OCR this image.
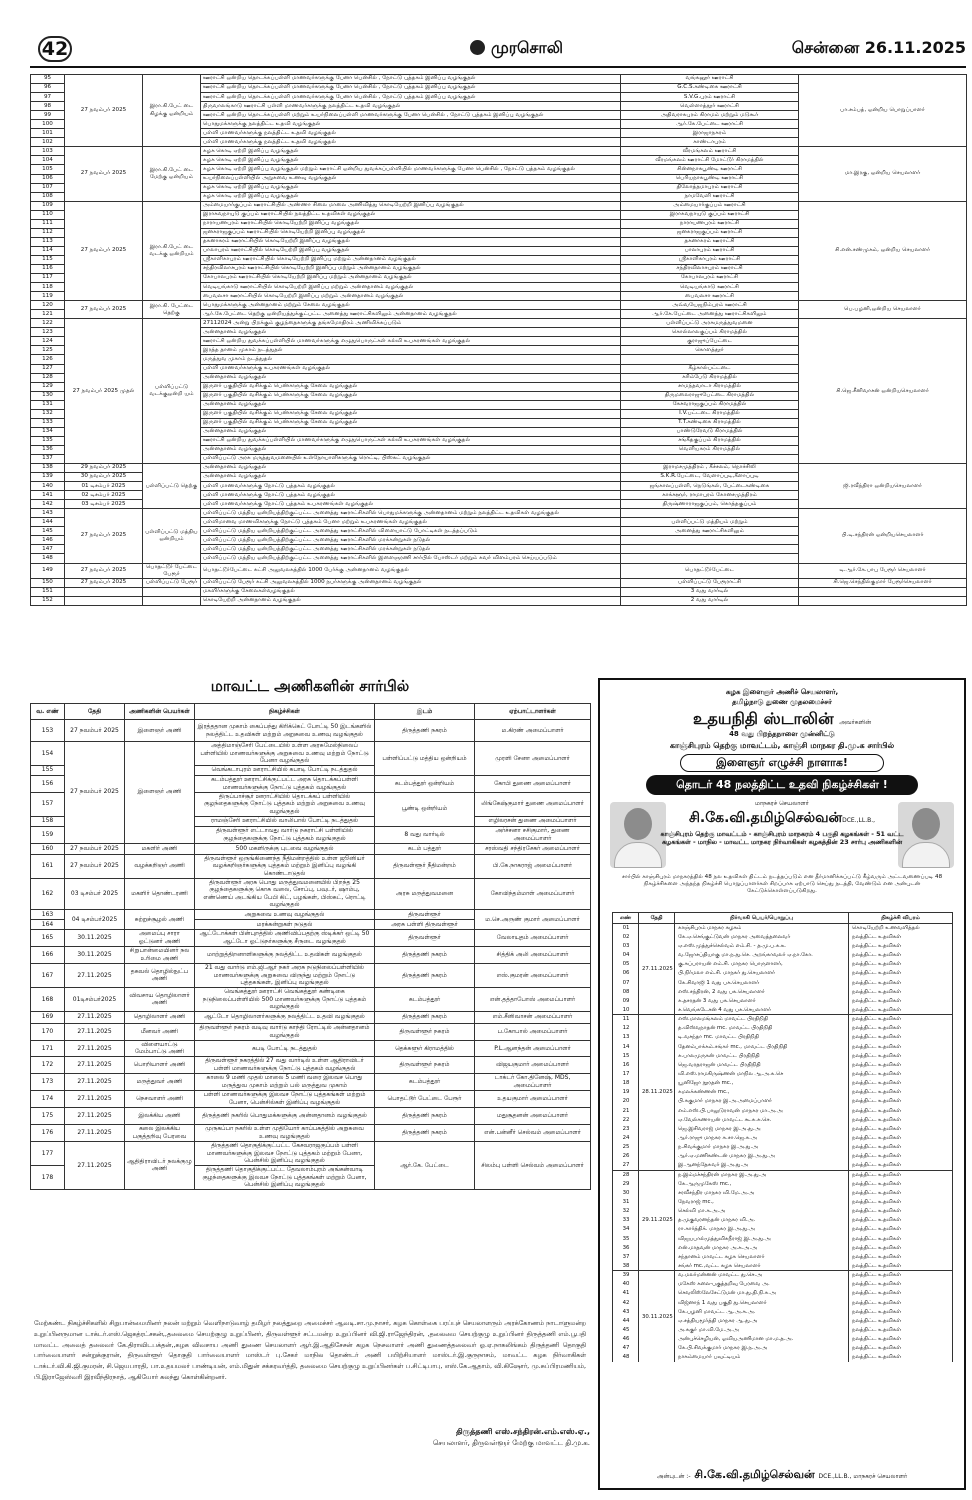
42	முரசொலி	சென்னை 26.11.2025
95	27 நவம்பர் 2025	இரா.கி.பேட் டை கிழக்கு ஒன்றியம்	ஊராட்சி ஒன்றிய தொடக்கப்பள்ளி மாணவர்களுக்கு பேனா பென்சில் , நோட்டு புத்தகம் இனிப்பு வழங்குதல்	வங்கனூர் ஊராட்சி	பா.சம்பத், ஒன்றிய பொறுப்பாளர்
96			ஊராட்சி ஒன்றிய தொடக்கப்பள்ளி மாணவர்களுக்கு பேனா பென்சில் , நோட்டு புத்தகம் இனிப்பு வழங்குதல்	G.C.S.கண்டிகை ஊராட்சி	
97			ஊராட்சி ஒன்றிய தொடக்கப்பள்ளி மாணவர்களுக்கு பேனா பென்சில் , நோட்டு புத்தகம் இனிப்பு வழங்குதல்	S.V.G.புரம் ஊராட்சி	
98			திருவாலங்காடு ஊராட்சி பள்ளி மாணவர்களுக்கு நலத்திட்ட உதவி வழங்குதல்	வெள்ளாத்தூர் ஊராட்சி	
99			ஊராட்சி ஒன்றிய தொடக்கப்பள்ளி மற்றும் உயர்நிலைப்பள்ளி மாணவர்களுக்கு பேனா பென்சில் , நோட்டு புத்தகம் இனிப்பு வழங்குதல்	அதிவராகபுரம் கிராமம் மற்றும் மடுகூர்	
100			பொதுமக்களுக்கு நலத்திட்ட உதவி வழங்குதல்	ஆர்.கே.பேட்டை ஊராட்சி	
101			பள்ளி மாணவர்களுக்கு நலத்திட்ட உதவி வழங்குதல்	இராஜாநகரம்	
102			பள்ளி மாணவர்களுக்கு நலத்திட்ட உதவி வழங்குதல்	காண்டாபுரம்	
103	27 நவம்பர் 2025	இரா.கி.பேட் டை மேற்கு ஒன்றியம்	கழக கொடி ஏற்றி இனிப்பு வழங்குதல்	வீரமங்கலம் ஊராட்சி	மா.இரகு, ஒன்றிய செயலாளர்
104			கழக கொடி ஏற்றி இனிப்பு வழங்குதல்	வீரமங்கலம் ஊராட்சி மோட்டூர் கிராமத்தில்	
105			கழக கொடி ஏற்றி இனிப்பு வழங்குதல் மற்றும் ஊராட்சி ஒன்றிய துவக்கப்பள்ளியில் மாணவர்களுக்கு பேனா பென்சில் , நோட்டு புத்தகம் வழங்குதல்	சின்னநாகபூண்டி ஊராட்சி	
106			உயர்நிலைப்பள்ளியில் அறுசுவை உணவு வழங்குதல்	பெரியநாகபூண்டி ஊராட்சி	
107			கழக கொடி ஏற்றி இனிப்பு வழங்குதல்	திலோத்தமாபுரம் ஊராட்சி	
108			கழக கொடி ஏற்றி இனிப்பு வழங்குதல்	நாமவேளி ஊராட்சி	
109	27 நவம்பர் 2025	இரா.கி.பேட் டை வடக்கு ஒன்றியம்	அம்மையார்குப்பம் ஊராட்சியில் அண்ணா சிலை மாலை அணிவித்து கொடியேற்றி இனிப்பு வழங்குதல்	அம்மையார்குப்பம் ஊராட்சி	சி.என்.சண்முகம், ஒன்றிய செயலாளர்
110			இராகவநாயுடு குப்பம் ஊராட்சியில் நலத்திட்ட உதவிகள் வழங்குதல்	இராகவநாயுடு குப்பம் ஊராட்சி	
111			நாராயணபுரம் ஊராட்சியில் கொடியேற்றி இனிப்பு வழங்குதல்	நாராயணபுரம் ஊராட்சி	
112			ஜனகராஜகுப்பம் ஊராட்சியில் கொடியேற்றி இனிப்பு வழங்குதல்	ஜனகராஜகுப்பம் ஊராட்சி	
113			தகனாகரம் ஊராட்சியில் கொடியேற்றி இனிப்பு வழங்குதல்	தகனாகரம் ஊராட்சி	
114			பாலாபுரம் ஊராட்சியில் கொடியேற்றி இனிப்பு வழங்குதல்	பாலாபுரம் ஊராட்சி	
115			ஸ்ரீகாளிகாபுரம் ஊராட்சியில் கொடியேற்றி இனிப்பு மற்றும் அன்னதானம் வழங்குதல்	ஸ்ரீகாளிகாபுரம் ஊராட்சி	
116			சந்திரவிலாசபுரம் ஊராட்சியில் கொடியேற்றி இனிப்பு மற்றும் அன்னதானம் வழங்குதல்	சந்திரவிலாசபுரம் ஊராட்சி	
117			கோபாலபுரம் ஊராட்சியில் கொடியேற்றி இனிப்பு மற்றும் அன்னதானம் வழங்குதல்	கோபாலபுரம் ஊராட்சி	
118			வெடியங்காடு ஊராட்சியில் கொடியேற்றி இனிப்பு மற்றும் அன்னதானம் வழங்குதல்	வெடியங்காடு ஊராட்சி	
119			பைவலசா ஊராட்சியில் கொடியேற்றி இனிப்பு மற்றும் அன்னதானம் வழங்குதல்	பைவலசா ஊராட்சி	
120	27 நவம்பர் 2025	இரா.கி. பேட்டை தெற்கு	பொதுமக்களுக்கு அன்னதானம் மற்றும் சேலை வழங்குதல்	அவ்வயேஜநிம்புரம் ஊராட்சி	பெ.பழனி,ஒன்றிய செயலாளர்
121			ஆர்.கே.பேட்டை தெற்கு ஒன்றியத்துக்குட்பட்ட அனைத்து ஊராட்சிகளிலும் அன்னதானம் வழங்குதல்	ஆர்.கே.பேட்டை அனைத்து ஊராட்சிகளிலும்	
122	27 நவம்பர் 2025 முதல்	பள்ளிப்பட்டு வடக்குஒன்றி யம்	27112024 அன்று பிறக்கும் குழந்தைகளுக்கு தங்கமோதிரம் அணிவிக்கப்படும்	பள்ளிப்பட்டு அரசுமருத்துவமனை	சி.ஜெ.சீனிவாசன் ஒன்றியசெயலாளர்
123			அன்னதானம் வழங்குதல்	கொல்லாலகுப்பம் கிராமத்தில்	
124			ஊராட்சி ஒன்றிய துவக்கப்பள்ளியில் மாணவர்களுக்கு எழுதுபொருட்கள் கல்வி உபகரணங்கள் வழங்குதல்	குராஜுப்பேட்டை	
125			இரத்த தானம் முகாம் நடத்துதல்	கொளத்தூர்	
126			மருத்துவ முகாம் நடத்துதல்		
127			பள்ளி மாணவர்களுக்கு உபகரணங்கள் வழங்குதல்	கீழ்கால்பட்டடை	
128			அன்னதானம் வழங்குதல்	கரிம்பேடு கிராமத்தில்	
129			இருளர் பகுதியில் வசிக்கும் பெண்களுக்கு சேலை வழங்குதல்	சாமந்தவாடா கிராமத்தில்	
130			இருளர் பகுதியில் வசிக்கும் பெண்களுக்கு சேலை வழங்குதல்	திருமலைராஜுபேட்டை கிராமத்தில்	
131			அன்னதானம் வழங்குதல்	கேசவராஜகுப்பம் கிராமத்தில்	
132			இருளர் பகுதியில் வசிக்கும் பெண்களுக்கு சேலை வழங்குதல்	I.V.பட்டடை கிராமத்தில்	
133			இருளர் பகுதியில் வசிக்கும் பெண்களுக்கு சேலை வழங்குதல்	T.T.கண்டிகை கிராமத்தில்	
134			அன்னதானம் வழங்குதல்	பாண்டுரேவடு கிராமத்தில்	
135			ஊராட்சி ஒன்றிய துவக்கப்பள்ளியில் மாணவர்களுக்கு எழுதுபொருட்கள் கல்வி உபகரணங்கள் வழங்குதல்	சங்கீதகுப்பம் கிராமத்தில்	
136			அன்னதானம் வழங்குதல்	வெளியகரம் கிராமத்தில்	
137			பள்ளிப்பட்டு அரசு மருத்துவமனையில் உள்நோயாளிகளுக்கு ரொட்டி, பிஸ்கட் வழங்குதல்		
138	29 நவம்பர் 2025	பள்ளிப்பட்டு தெற்கு	அன்னதானம் வழங்குதல்	இராமசமுத்திரம் , கீச்சலம், நொச்சிலி	ஜி.ரவீந்திரா ஒன்றியசெயலாளர்
139	30 நவம்பர் 2025		அன்னதானம் வழங்குதல்	S.K.R.பேட்டை, வேளாப்புடி,கீளாப்புடி	
140	01 டிசம்பர் 2025		பள்ளி மாணவர்களுக்கு நோட்டு புத்தகம் வழங்குதல்	ஜங்காலப்பள்ளி, நெடுங்கல், பேட்டைகண்டிகை	
141	02 டிசம்பர் 2025		பள்ளி மாணவர்களுக்கு நோட்டு புத்தகம் வழங்குதல்	காக்களூர், ராமாபுரம் கோனசமுத்திரம்	
142	03 டிசம்பர் 2025		பள்ளி மாணவர்களுக்கு நோட்டு புத்தகம் உபகரணங்கள் வழங்குதல்	திருஷ்ணாராஜகுப்பம், கொத்தகுப்பம்	
143	27 நவம்பர் 2025	பள்ளிப்பட்டு மத்திய ஒன்றியம்	பள்ளிப்பட்டு மத்திய ஒன்றியத்திற்குட்பட்ட அனைத்து ஊராட்சிகளில் பொதுமக்களுக்கு அன்னதானம் மற்றும் நலத்திட்ட உதவிகள் வழங்குதல்		பி.டி.சந்திரன் ஒன்றியசெயலாளர்
144			பள்ளிமானவ மாணவிகளுக்கு நோட்டு புத்தகம் பேனா மற்றும் உபகரணங்கள் வழங்குதல்	பள்ளிப்பட்டு மத்தியம் மற்றும்	
145			பள்ளிப்பட்டு மத்திய ஒன்றியத்திற்குட்பட்ட அனைத்து ஊராட்சிகளில் விளையாட்டு போட்டிகள் நடத்தப்படும்	அனைத்து ஊராட்சிகளிலும்	
146			பள்ளிப்பட்டு மத்திய ஒன்றியத்திற்குட்பட்ட அனைத்து ஊராட்சிகளில் மரக்கன்றுகள் நடுதல்		
147			பள்ளிப்பட்டு மத்திய ஒன்றியத்திற்குட்பட்ட அனைத்து ஊராட்சிகளில் மரக்கன்றுகள் நடுதல்		
148			பள்ளிப்பட்டு மத்திய ஒன்றியத்திற்குட்பட்ட அனைத்து ஊராட்சிகளில் இளைஞரணி சார்பில் போஸ்டர் மற்றும் சுவர் விளம்பரம் செய்யப்படும்		
149	27 நவம்பர் 2025	பொதட்டூர் பேட்டை பேரூர்	பொதட்டூர்பேட்டை கட்சி அலுவலகத்தில் 1000 பேர்க்கு அன்னதானம் வழங்குதல்	பொதட்டூர்பேட்டை	டி.ஆர்.கே.பாபு பேரூர் செயலாளர்
150	27 நவம்பர் 2025	பள்ளிப்பட்டு பேரூர்	பள்ளிப்பட்டு பேரூர் கட்சி அலுவலகத்தில் 1000 நபர்களுக்கு அன்னதானம் வழங்குதல்	பள்ளிப்பட்டு பேரூராட்சி	சி.ஜெ.செந்தில்குமார் பேரூர்செயலாளர்
151			மகளிர்களுக்கு சேலைகள்வழங்குதல்	3 வது வார்டில்	
152			கொடியேற்றி அன்னதானம் வழங்குதல்	2 வது வார்டில்	
மாவட்ட அணிகளின் சார்பில்
வ. எண்	தேதி	அணிகளின் பெயர்கள்	நிகழ்ச்சிகள்	இடம்	ஏற்பாட்டாளர்கள்
153	27 நவம்பர் 2025	இளைஞர் அணி	இரத்ததான முகாம் கைப்பந்து கிரிக்கெட் போட்டி 50 இடங்களில் நலத்திட்ட உதவிகள் மற்றும் அறுசுவை உணவு வழங்குதல்	திருத்தணி நகரம்	ம.கிரண் அமைப்பாளர்
154	27 நவம்பர் 2025	இளைஞர் அணி	அத்திமாஞ்சேரி பேட்டையில் உள்ள அரசுமேல்நிலைப் பள்ளியில் மாணவர்களுக்கு அறுசுவை உணவு மற்றும் நோட்டு பேனா வழங்குதல்	பள்ளிப்பட்டு மத்திய ஒன்றியம்	முரளி சேனா அமைப்பாளர்
155			வெங்கடாபுரம் ஊராட்சியில் கபாடி போட்டி நடத்துதல்		
156			கடம்பத்தூர் ஊராட்சிக்குட்பட்ட அரசு தொடக்கப்பள்ளி மாணவர்களுக்கு நோட்டு புத்தகம் வழங்குதல்	கடம்பத்தூர் ஒன்றியம்	கோபி துணை அமைப்பாளர்
157			திருப்பாச்சூர் ஊராட்சியில் தொடக்கப் பள்ளியில் குழந்தைகளுக்கு நோட்டு புத்தகம் மற்றும் அறுசுவை உணவு வழங்குதல்	பூண்டி ஒன்றியம்	லிங்கேஷ்குமார் துணை அமைப்பாளர்
158			ராமஞ்சேரி ஊராட்சியில் வாலிபால் போட்டி நடத்துதல்		எழிலரசன் துணை அமைப்பாளர்
159			திருவள்ளூர் எட்டாவது வார்டு நகராட்சி பள்ளியில் குழந்தைகளுக்கு நோட்டு புத்தகம் வழங்குதல்	8 வது வார்டில்	அர்ச்சனா சசிகுமார், துணை அமைப்பாளர்
160	27 நவம்பர் 2025	மகளிர் அணி	500 மகளிருக்கு புடவை வழங்குதல்	கடம் பத்தூர்	சரஸ்வதி சந்திரசேகர் அமைப்பாளர்
161	27 நவம்பர் 2025	வழக்கறிஞர் அணி	திருவள்ளூர் ஒருங்கிணைந்த நீதிமன்றத்தில் உள்ள ஜூனியர் வழக்கறிஞர்களுக்கு புத்தகம் மற்றும் இனிப்பு வழங்கி கொண்டாடுதல்	திருவள்ளூர் நீதிமன்றம்	பி.கே.நாகராஜ் அமைப்பாளர்
162	03 டிசம்பர் 2025	மகளிர் தொண்டரணி	திருவள்ளூர் அரசு பொது மருத்துவமனையில் பிறந்த 25 குழந்தைகளுக்கு கொசு வலை, சோப்பு, பவுடர், ஷாம்பு, எண்ணெய் அடங்கிய பேபி கிட், பழங்கள், பிஸ்கட், ரொட்டி வழங்குதல்	அரசு மருத்துவமனை	கோவிந்தம்மாள் அமைப்பாளர்
163	04 டிசம்பர்2025	சுற்றுச்சூழல் அணி	அறுசுவை உணவு வழங்குதல்	திருவள்ளூர்	ம.செ.அருண் குமார் அமைப்பாளர்
164			மரக்கன்றுகள் நடுதல்	அரசு பள்ளி திருவள்ளூர்	
165	30.11.2025	அமைப்பு சாரா ஓட்டுனர் அணி	ஆட்டோக்கள் பின்புறத்தில் அணிவிப்பதற்கு ஸ்டிக்கர் ஒட்டி 50 ஆட்டோ ஓட்டுநர்களுக்கு சீருடை வழங்குதல்	திருவள்ளூர்	வேலாயுதம் அமைப்பாளர்
166	30.11.2025	சிறுபான்மையினர் நல உரிமை அணி	மாற்றுத்திறனாளிகளுக்கு நலத்திட்ட உதவிகள் வழங்குதல்	திருத்தணி நகரம்	சித்திக் அலி அமைப்பாளர்
167	27.11.2025	தகவல் தொழில்நுட்ப அணி	21 வது வார்டு எம்.ஜி.ஆர் நகர் அரசு நடுநிலைப்பள்ளியில் மாணவர்களுக்கு அறுசுவை விருந்து மற்றும் நோட்டு புத்தகங்கள், இனிப்பு வழங்குதல்	திருத்தணி நகரம்	எஸ்.குமரன் அமைப்பாளர்
168	01டிசம்பர்2025	விவசாய தொழிலாளர் அணி	வெங்கத்தூர் ஊராட்சி வெங்கத்தூர் கண்டிகை நடுநிலைப்பள்ளியில் 500 மாணவர்களுக்கு நோட்டு புத்தகம் வழங்குதல்	கடம்பத்தூர்	என்.தத்தாபோஸ் அமைப்பாளர்
169	27.11.2025	தொழிலாளர் அணி	ஆட்டோ தொழிலாளர்களுக்கு நலத்திட்ட உதவி வழங்குதல்	திருத்தணி நகரம்	எம்.சீனிவாசன் அமைப்பாளர்
170	27.11.2025	மீனவர் அணி	திருவள்ளூர் நகரம் வடிவு வார்டு காந்தி ரோட்டில் அன்னதானம் வழங்குதல்	திருவள்ளூர் நகரம்	ப.கோபால் அமைப்பாளர்
171	27.11.2025	விளையாட்டு மேம்பாட்டு அணி	கபடி போட்டி நடத்துதல்	தெக்களூர் கிராமத்தில்	P.L.ஆனந்தன் அமைப்பாளர்
172	27.11.2025	பொறியாளர் அணி	திருவள்ளூர் நகரத்தில் 27 வது வார்டில் உள்ள ஆதிராவிடர் பள்ளி மாணவர்களுக்கு நோட்டு புத்தகம் வழங்குதல்	திருவள்ளூர் நகரம்	விஜயகுமார் அமைப்பாளர்
173	27.11.2025	மருத்துவர் அணி	காலை 9 மணி முதல் மாலை 5 மணி வரை இலவச பொது மருத்துவ முகாம் மற்றும் பல் மருத்துவ முகாம்	கடம்பத்தூர்	டாக்டர் கோ.தினேஷ், MDS, அமைப்பாளர்
174	27.11.2025	நெசவாளர் அணி	பள்ளி மாணவர்களுக்கு இலவச நோட்டு புத்தகங்கள் மற்றும் பேனா, பென்சில்கள் இனிப்பு வழங்குதல்	பொதட்டூர் பேட்டை பேரூர்	உதயகுமார் அமைப்பாளர்
175	27.11.2025	இலக்கிய அணி	திருத்தணி நகரில் பொதுமக்களுக்கு அன்னதானம் வழங்குதல்	திருத்தணி நகரம்	மதுசூதனன் அமைப்பாளர்
176	27.11.2025	கலை இலக்கிய பகுத்தறிவு பேரவை	முருகப்பா நகரில் உள்ள முதியோர் காப்பகத்தில் அறுசுவை உணவு வழங்குதல்	திருத்தணி நகரம்	என்.பன்னீர் செல்வம் அமைப்பாளர்
177	27.11.2025	ஆதிதிராவிடர் நலக்குழு அணி	திருத்தணி தொகுதிக்குட்பட்ட கேசவராஜகுப்பம் பள்ளி மாணவர்களுக்கு இலவச நோட்டு புத்தகம் மற்றும் பேனா, பென்சில் இனிப்பு வழங்குதல்	ஆர்.கே. பேட்டை	சிலம்பு பள்ளி செல்வம் அமைப்பாளர்
178			திருத்தணி தொகுதிக்குட்பட்ட தேவலாம்புரம் அங்கன்வாடி குழந்தைகளுக்கு இலவச நோட்டு புத்தகங்கள் மற்றும் பேனா, பென்சில் இனிப்பு வழங்குதல்		
மேற்கண்ட நிகழ்ச்சிகளில் சிறுபான்மையினர் நலன் மற்றும் வெளிநாடுவாழ் தமிழர் நலத்துறை அமைச்சர் ஆவடி.சா.மு.நாசர், கழக கொள்கை பரப்புச் செயலாளரும் அரக்கோணம் நாடாளுமன்ற உறுப்பினருமான டாக்டர்.எஸ்.ஜெகத்ரட்சகன்,,தலைமை செயற்குழு உறுப்பினர், திருவள்ளூர் சட்டமன்ற உறுப்பினர் வி.ஜி.ராஜேந்திரன், ,தலைமை செயற்குழு உறுப்பினர் திருத்தணி எம்.பூபதி மாவட்ட அவைத் தலைவர் கே.திராவிடபக்தன்,,கழக விவசாய அணி துணை செயலாளர் ஆர்.இ.ஆதிசேசன் கழக நெசவாளர் அணி துணைத்தலைவர் ஓ.ஏ.நாகலிங்கம் திருத்தணி தொகுதி பார்வையாளர் சன்றுக்குரான், திருவள்ளூர் தொகுதி பார்வையாளர் மாஸ்டர் பு.சேகர் மாநில தொண்டர் அணி பயிற்சியாளர் மாஸ்டர்.இ.குருநாசம், மாவட்ட கழக நிர்வாகிகள் டாக்டர்.வி.கி.ஜி.குமரன், சி.ஜெயபாரதி, பா.உதயமலர் பாண்டியன், எம்.மிதுன் சக்கரவர்த்தி, தலைமை செயற்குழு உறுப்பினர்கள் ப.சிட்டிபாபு, எஸ்.கே.ஆதாம், வி.கிஷோர், மு.சுப்பிரமணியம், பி.இராஜேஸ்வரி இரவீந்திரநாத், ஆகியோர் கலந்து கொள்கின்றனர்.
திருத்தணி எஸ்.சந்திரன்.எம்.எஸ்.ஏ.,
செயலாளர், திருவள்ளூர் மேற்கு மாவட்ட தி.மு.க.
கழக இளைஞர் அணிச் செயலாளர்,
தமிழ்நாடு துணை முதலமைச்சர்
உதயநிதி ஸ்டாலின் அவர்களின்
48 வது பிறந்தநாளை முன்னிட்டு
காஞ்சிபுரம் தெற்கு மாவட்டம், காஞ்சி மாநகர தி.மு.க சார்பில்
இளைஞர் எழுச்சி நாளாக!
தொடர் 48 நலத்திட்ட உதவி நிகழ்ச்சிகள் !
மாநகரச் செயலாளர்
சி.கே.வி.தமிழ்செல்வன்DCE.,LL.B.,
காஞ்சிபுரம் தெற்கு மாவட்டம் - காஞ்சிபுரம் மாநகரம் 4 பகுதி கழகங்கள் - 51 வட்ட கழகங்கள் - மாநில - மாவட்ட மாநகர நிர்வாகிகள் கழகத்தின் 23 சார்பு அணிகளின்
சார்பில் காஞ்சிபுரம் மாநகரத்தில் 48 நல உதவிகள் திட்டம் நடத்தப்படும் என தீர்மானிக்கப்பட்டு கீழ்வரும் அட்டவணைப்படி 48 நிகழ்ச்சிகளை அந்தந்த நிகழ்ச்சி பொறுப்பாளர்கள் சிறப்பாக ஏற்பாடு செய்து நடத்தி, வேண்டும் என அன்புடன் கேட்டுக்கொள்ளப்படுகிறது.
எண்	தேதி	நிர்வாகி பெயர்/பொறுப்பு	நிகழ்ச்சி விபரம்
01	27.11.2025	காஞ்சிபுரம் மாநகர கழகம்	கொடியேற்றி உணவளித்தல்
02		கே.ஏ.செங்குட்டுவன் மாநகர அவைத்தலைவர்	நலத்திட்ட உதவிகள்
03		ஏ.எஸ்.முத்துச்செல்வம் எம்.சி. - த.மு.ப.க.உ	நலத்திட்ட உதவிகள்
04		வ.ஜோசப்தியாகு மா.ந.து.செ. அறங்காவலர் ஏ.நா.கோ.	நலத்திட்ட உதவிகள்
05		கு.சுப்பராயன் எம்.சி. மாநகர பொருளாளர்,	நலத்திட்ட உதவிகள்
06		பி.நிர்மலா எம்.சி. மாநகர் து.செயலாளர்	நலத்திட்ட உதவிகள்
07		கே.சிவாஜி 1 வது பக.செயலாளர்	நலத்திட்ட உதவிகள்
08		எஸ்.சந்திரன், 2 வது பக.செயலாளர்	நலத்திட்ட உதவிகள்
09		க.தசரதன் 3 வது பக.செயலாளர்	நலத்திட்ட உதவிகள்
10		ச.வெங்கடேசன் 4 வது பக.செயலாளர்	நலத்திட்ட உதவிகள்
11	28.11.2025	எஸ்.மாலமங்கலம் மாவட்ட பிரதிநிதி	நலத்திட்ட உதவிகள்
12		த.விஸ்வநாதன் mc. மாவட்ட பிரதிநிதி	நலத்திட்ட உதவிகள்
13		டி.வசந்தா mc. மாவட்ட பிரதிநிதி	நலத்திட்ட உதவிகள்
14		தேனம்பாக்கம்.சங்கர் mc., மாவட்ட பிரதிநிதி	நலத்திட்ட உதவிகள்
15		சு.பாலமுருகன் மாவட்ட பிரதிநிதி	நலத்திட்ட உதவிகள்
16		ஜெ.வரதராஜன் மாவட்ட பிரதிநிதி	நலத்திட்ட உதவிகள்
17		வி.எஸ்.ராமகிருஷ்ணன் மாநில ஆ.அ.க.செ	நலத்திட்ட உதவிகள்
18		யூனிஜோ நூரதன் mc.,	நலத்திட்ட உதவிகள்
19		கமலக்கண்ணன் mc.,	நலத்திட்ட உதவிகள்
20		பி.சுகுமார் மாநகர இ.அ.அமைப்பாளர்	நலத்திட்ட உதவிகள்
21		எம்.எஸ்.பி.பாலுடுராவன் மாநகர மா.அ.அ	நலத்திட்ட உதவிகள்
22		ஏ.வேல்கணாயன் மாவட்ட கூ.சு.சு.செ.	நலத்திட்ட உதவிகள்
23		ஜெ.இசிவராஜ் மாநகர இ.அ.து.அ	நலத்திட்ட உதவிகள்
24		ஆர்.ராஜு மாநகர சு.சா.ஜெ.சு.அ	நலத்திட்ட உதவிகள்
25		ந.சிவக்குமார் மாநகர இ.அ.து.அ	நலத்திட்ட உதவிகள்
26		ஆர்.ஏ.மணிகண்டன் மாநகர இ.அ.து.அ	நலத்திட்ட உதவிகள்
27		இ.ஆனந்தேசுவர் இ.அ.து.அ	நலத்திட்ட உதவிகள்
28	29.11.2025	ந.இம்மச்சந்திரன் மாநகர இ.அ.து.அ	நலத்திட்ட உதவிகள்
29		கே.ஆருமுகேஸ் mc.,	நலத்திட்ட உதவிகள்
30		சரவீசந்திர மாநகர வி.மே.அ.அ	நலத்திட்ட உதவிகள்
31		நேவராஜ் mc.,	நலத்திட்ட உதவிகள்
32		செல்வி மா.க.அ.அ	நலத்திட்ட உதவிகள்
33		த.முகுவரனந்தன் மாநகர வி.அ.	நலத்திட்ட உதவிகள்
34		ரா.கார்த்திக். மாநகர இ.அ.து.அ	நலத்திட்ட உதவிகள்
35		விஜயபால்முத்துவிசுநீராஜ் இ.அ.து.அ	நலத்திட்ட உதவிகள்
36		என்.மாதவன் மாநகர அ.சு.அ.அ	நலத்திட்ட உதவிகள்
37		சந்தானம் மாவட்ட கழக செயலாளர்	நலத்திட்ட உதவிகள்
38		சங்கர் mc.,வட்ட கழக செயலாளர்	நலத்திட்ட உதவிகள்
39	30.11.2025	வ.மலர்மன்னன் மாவட்ட து.செ.அ	நலத்திட்ட உதவிகள்
40		மகேஸ் கலை-பகுத்தறிவு பேரவை அ.	நலத்திட்ட உதவிகள்
41		செவலிஸ்லேசேட்டுமன் மா.து.தி.நி.சு.அ	நலத்திட்ட உதவிகள்
42		விஜ்னாந் 1 வது பகுதி து.செயலாளர்	நலத்திட்ட உதவிகள்
43		கே.பழனி மாவட்ட ஆ.அ.சு.அ.	நலத்திட்ட உதவிகள்
44		ஏ.சத்தியமூர்த்தி மாநகர ஆ.து.அ	நலத்திட்ட உதவிகள்
45		அ.சுகுர் மா.வி.மே.அ.அ	நலத்திட்ட உதவிகள்
46		அன்புச்செழியன், ஓவியஅணிமான மா.ம.த.அ.	நலத்திட்ட உதவிகள்
47		கே.பி.சிவக்குமார் மாநகர இ.ந.அ.அ	நலத்திட்ட உதவிகள்
48		நாகம்மையார் பவுட்டியம்	நலத்திட்ட உதவிகள்
அன்புடன் :- சி.கே.வி.தமிழ்செல்வன் DCE.,LL.B., மாநகரச் செயலாளர்
